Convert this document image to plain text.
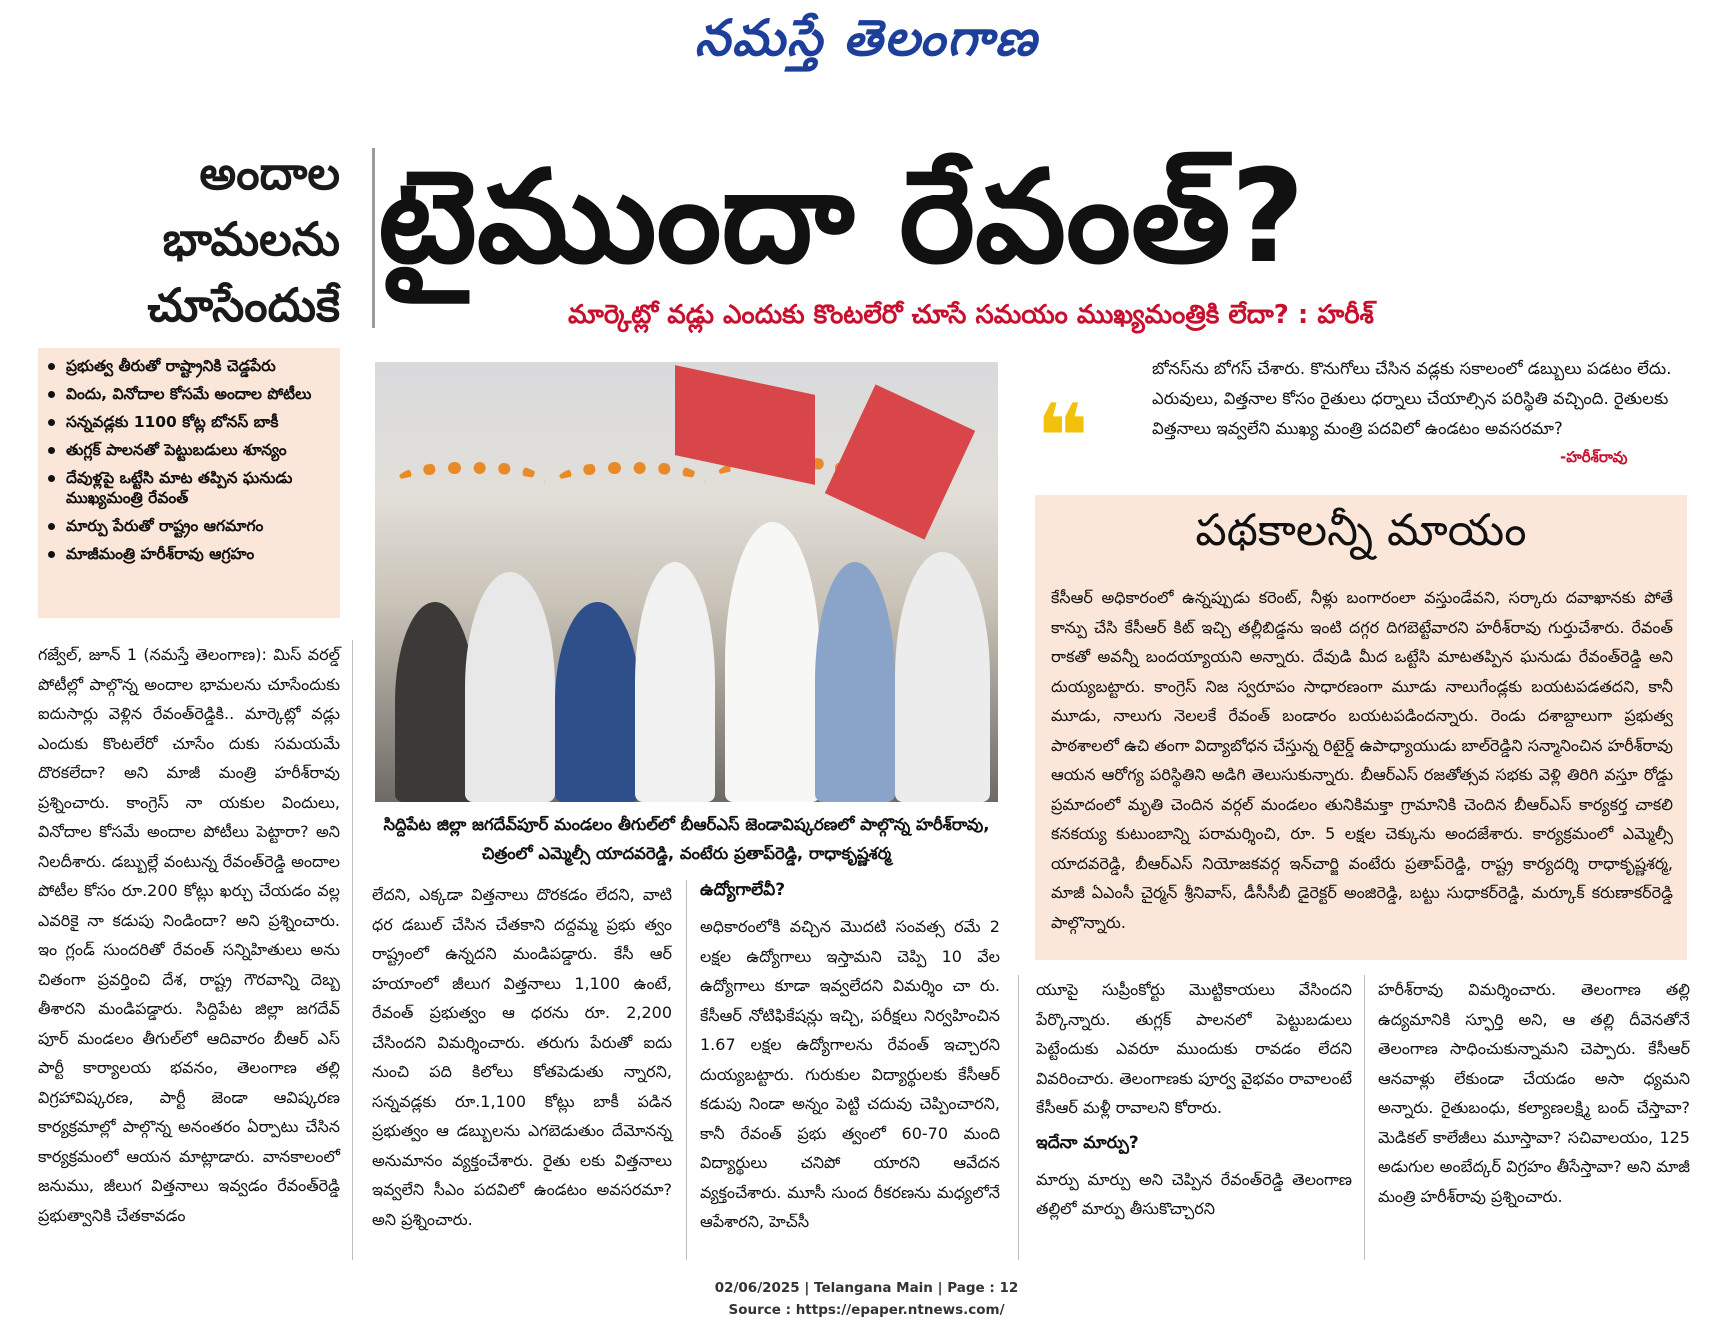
నమస్తే తెలంగాణ
అందాల
భామలను
చూసేందుకే
టైముందా రేవంత్?
మార్కెట్లో వడ్లు ఎందుకు కొంటలేరో చూసే సమయం ముఖ్యమంత్రికి లేదా? : హరీశ్
ప్రభుత్వ తీరుతో రాష్ట్రానికి చెడ్డపేరు
విందు, వినోదాల కోసమే అందాల పోటీలు
సన్నవడ్లకు 1100 కోట్ల బోనస్ బాకీ
తుగ్లక్ పాలనతో పెట్టుబడులు శూన్యం
దేవుళ్లపై ఒట్టేసి మాట తప్పిన ఘనుడు ముఖ్యమంత్రి రేవంత్
మార్పు పేరుతో రాష్ట్రం ఆగమాగం
మాజీమంత్రి హరీశ్‌రావు ఆగ్రహం
సిద్దిపేట జిల్లా జగదేవ్‌పూర్ మండలం తీగుల్‌లో బీఆర్ఎస్ జెండావిష్కరణలో పాల్గొన్న హరీశ్‌రావు, చిత్రంలో ఎమ్మెల్సీ యాదవరెడ్డి, వంటేరు ప్రతాప్‌రెడ్డి, రాధాకృష్ణశర్మ
❝
బోనస్‌ను బోగస్ చేశారు. కొనుగోలు చేసిన వడ్లకు సకాలంలో డబ్బులు పడటం లేదు. ఎరువులు, విత్తనాల కోసం రైతులు ధర్నాలు చేయాల్సిన పరిస్థితి వచ్చింది. రైతులకు విత్తనాలు ఇవ్వలేని ముఖ్య మంత్రి పదవిలో ఉండటం అవసరమా?
-హరీశ్‌రావు
పథకాలన్నీ మాయం
కేసీఆర్ అధికారంలో ఉన్నప్పుడు కరెంట్, నీళ్లు బంగారంలా వస్తుండేవని, సర్కారు దవాఖానకు పోతే కాన్పు చేసి కేసీఆర్ కిట్ ఇచ్చి తల్లీబిడ్డను ఇంటి దగ్గర దిగబెట్టేవారని హరీశ్‌రావు గుర్తుచేశారు. రేవంత్ రాకతో అవన్నీ బందయ్యాయని అన్నారు. దేవుడి మీద ఒట్టేసి మాటతప్పిన ఘనుడు రేవంత్‌రెడ్డి అని దుయ్యబట్టారు. కాంగ్రెస్ నిజ స్వరూపం సాధారణంగా మూడు నాలుగేండ్లకు బయటపడతదని, కానీ మూడు, నాలుగు నెలలకే రేవంత్ బండారం బయటపడిందన్నారు. రెండు దశాబ్దాలుగా ప్రభుత్వ పాఠశాలలో ఉచి తంగా విద్యాబోధన చేస్తున్న రిటైర్డ్ ఉపాధ్యాయుడు బాల్‌రెడ్డిని సన్మానించిన హరీశ్‌రావు ఆయన ఆరోగ్య పరిస్థితిని అడిగి తెలుసుకున్నారు. బీఆర్ఎస్ రజతోత్సవ సభకు వెళ్లి తిరిగి వస్తూ రోడ్డు ప్రమాదంలో మృతి చెందిన వర్గల్ మండలం తునికిమక్తా గ్రామానికి చెందిన బీఆర్ఎస్ కార్యకర్త చాకలి కనకయ్య కుటుంబాన్ని పరామర్శించి, రూ. 5 లక్షల చెక్కును అందజేశారు. కార్యక్రమంలో ఎమ్మెల్సీ యాదవరెడ్డి, బీఆర్ఎస్ నియోజకవర్గ ఇన్‌చార్జి వంటేరు ప్రతాప్‌రెడ్డి, రాష్ట్ర కార్యదర్శి రాధాకృష్ణశర్మ, మాజీ ఏఎంసీ చైర్మన్ శ్రీనివాస్, డీసీసీబీ డైరెక్టర్ అంజిరెడ్డి, బట్టు సుధాకర్‌రెడ్డి, మర్కూక్ కరుణాకర్‌రెడ్డి పాల్గొన్నారు.
గజ్వేల్, జూన్ 1 (నమస్తే తెలంగాణ): మిస్ వరల్డ్ పోటీల్లో పాల్గొన్న అందాల భామలను చూసేందుకు ఐదుసార్లు వెళ్లిన రేవంత్‌రెడ్డికి.. మార్కెట్లో వడ్లు ఎందుకు కొంటలేరో చూసేం దుకు సమయమే దొరకలేదా? అని మాజీ మంత్రి హరీశ్‌రావు ప్రశ్నించారు. కాంగ్రెస్ నా యకుల విందులు, వినోదాల కోసమే అందాల పోటీలు పెట్టారా? అని నిలదీశారు. డబ్బుల్లే వంటున్న రేవంత్‌రెడ్డి అందాల పోటీల కోసం రూ.200 కోట్లు ఖర్చు చేయడం వల్ల ఎవరికై నా కడుపు నిండిందా? అని ప్రశ్నించారు. ఇం గ్లండ్ సుందరితో రేవంత్ సన్నిహితులు అను చితంగా ప్రవర్తించి దేశ, రాష్ట్ర గౌరవాన్ని దెబ్బ తీశారని మండిపడ్డారు. సిద్దిపేట జిల్లా జగదేవ్ పూర్ మండలం తీగుల్‌లో ఆదివారం బీఆర్ ఎస్ పార్టీ కార్యాలయ భవనం, తెలంగాణ తల్లి విగ్రహావిష్కరణ, పార్టీ జెండా ఆవిష్కరణ కార్యక్రమాల్లో పాల్గొన్న అనంతరం ఏర్పాటు చేసిన కార్యక్రమంలో ఆయన మాట్లాడారు. వానకాలంలో జనుము, జీలుగ విత్తనాలు ఇవ్వడం రేవంత్‌రెడ్డి ప్రభుత్వానికి చేతకావడం
లేదని, ఎక్కడా విత్తనాలు దొరకడం లేదని, వాటి ధర డబుల్ చేసిన చేతకాని దద్దమ్మ ప్రభు త్వం రాష్ట్రంలో ఉన్నదని మండిపడ్డారు. కేసీ ఆర్ హయాంలో జీలుగ విత్తనాలు 1,100 ఉంటే, రేవంత్ ప్రభుత్వం ఆ ధరను రూ. 2,200 చేసిందని విమర్శించారు. తరుగు పేరుతో ఐదు నుంచి పది కిలోలు కోతపెడుతు న్నారని, సన్నవడ్లకు రూ.1,100 కోట్లు బాకీ పడిన ప్రభుత్వం ఆ డబ్బులను ఎగబెడుతుం దేమోనన్న అనుమానం వ్యక్తంచేశారు. రైతు లకు విత్తనాలు ఇవ్వలేని సీఎం పదవిలో ఉండటం అవసరమా? అని ప్రశ్నించారు.
ఉద్యోగాలేవీ?
అధికారంలోకి వచ్చిన మొదటి సంవత్స రమే 2 లక్షల ఉద్యోగాలు ఇస్తామని చెప్పి 10 వేల ఉద్యోగాలు కూడా ఇవ్వలేదని విమర్శిం చా రు. కేసీఆర్ నోటిఫికేషన్లు ఇచ్చి, పరీక్షలు నిర్వహించిన 1.67 లక్షల ఉద్యోగాలను రేవంత్ ఇచ్చారని దుయ్యబట్టారు. గురుకుల విద్యార్థులకు కేసీఆర్ కడుపు నిండా అన్నం పెట్టి చదువు చెప్పించారని, కానీ రేవంత్ ప్రభు త్వంలో 60-70 మంది విద్యార్థులు చనిపో యారని ఆవేదన వ్యక్తంచేశారు. మూసీ సుంద రీకరణను మధ్యలోనే ఆపేశారని, హెచ్‌సీ
యూపై సుప్రీంకోర్టు మొట్టికాయలు వేసిందని పేర్కొన్నారు. తుగ్లక్ పాలనలో పెట్టుబడులు పెట్టేందుకు ఎవరూ ముందుకు రావడం లేదని వివరించారు. తెలంగాణకు పూర్వ వైభవం రావాలంటే కేసీఆర్ మళ్లీ రావాలని కోరారు.
ఇదేనా మార్పు?
మార్పు మార్పు అని చెప్పిన రేవంత్‌రెడ్డి తెలంగాణ తల్లిలో మార్పు తీసుకొచ్చారని
హరీశ్‌రావు విమర్శించారు. తెలంగాణ తల్లి ఉద్యమానికి స్ఫూర్తి అని, ఆ తల్లి దీవెనతోనే తెలంగాణ సాధించుకున్నామని చెప్పారు. కేసీఆర్ ఆనవాళ్లు లేకుండా చేయడం అసా ధ్యమని అన్నారు. రైతుబంధు, కల్యాణలక్ష్మి బంద్ చేస్తావా? మెడికల్ కాలేజీలు మూస్తావా? సచివాలయం, 125 అడుగుల అంబేద్కర్ విగ్రహం తీసేస్తావా? అని మాజీ మంత్రి హరీశ్‌రావు ప్రశ్నించారు.
02/06/2025 | Telangana Main | Page : 12
Source : https://epaper.ntnews.com/
